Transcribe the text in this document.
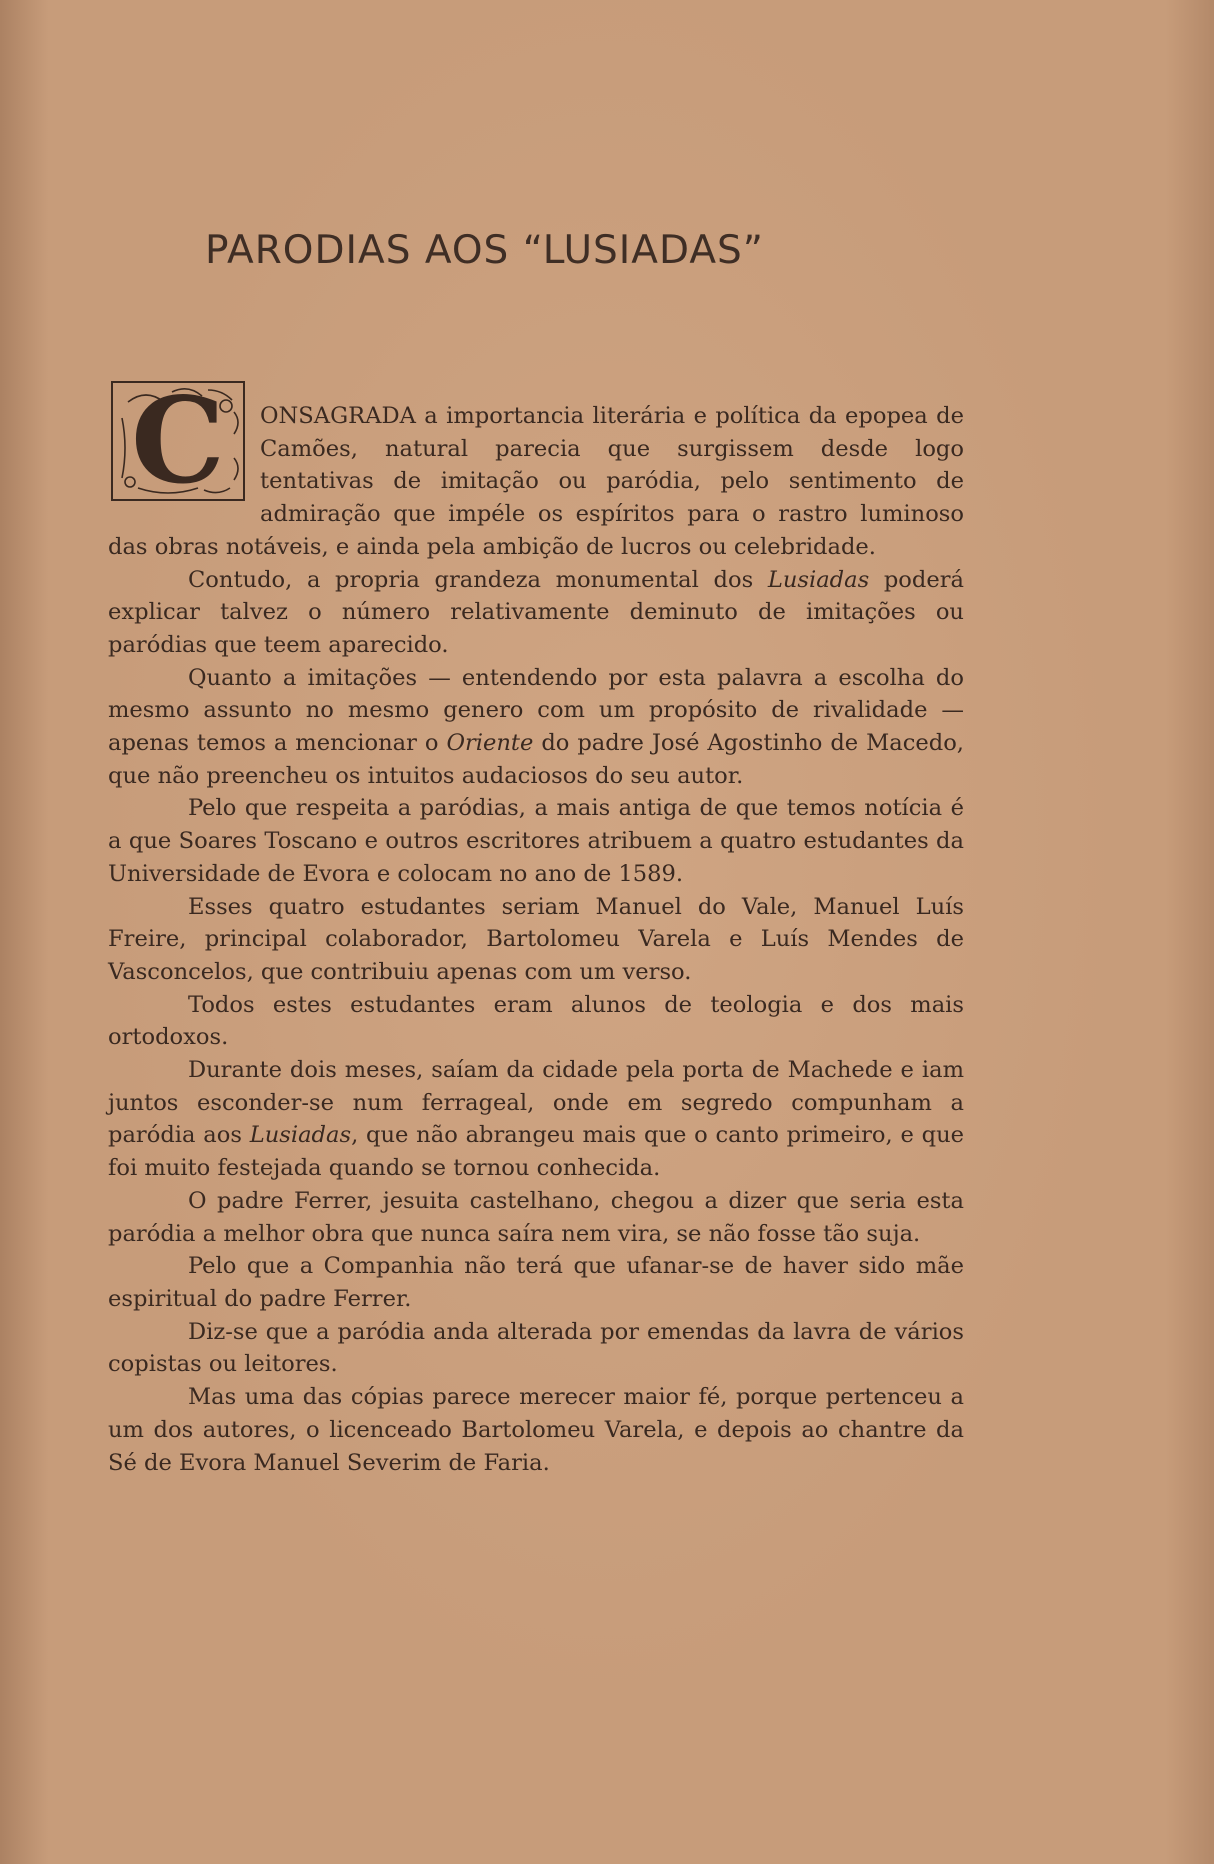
PARODIAS AOS “LUSIADAS”

C ONSAGRADA a importancia literária e política da epopea de Camões, natural parecia que surgissem desde logo tentativas de imitação ou paródia, pelo sentimento de admiração que impéle os espíritos para o rastro luminoso das obras notáveis, e ainda pela ambição de lucros ou celebridade.

Contudo, a propria grandeza monumental dos Lusiadas poderá explicar talvez o número relativamente deminuto de imitações ou paródias que teem aparecido.

Quanto a imitações — entendendo por esta palavra a escolha do mesmo assunto no mesmo genero com um propósito de rivalidade — apenas temos a mencionar o Oriente do padre José Agostinho de Macedo, que não preencheu os intuitos audaciosos do seu autor.

Pelo que respeita a paródias, a mais antiga de que temos notícia é a que Soares Toscano e outros escritores atribuem a quatro estudantes da Universidade de Evora e colocam no ano de 1589.

Esses quatro estudantes seriam Manuel do Vale, Manuel Luís Freire, principal colaborador, Bartolomeu Varela e Luís Mendes de Vasconcelos, que contribuiu apenas com um verso.

Todos estes estudantes eram alunos de teologia e dos mais ortodoxos.

Durante dois meses, saíam da cidade pela porta de Machede e iam juntos esconder-se num ferrageal, onde em segredo compunham a paródia aos Lusiadas, que não abrangeu mais que o canto primeiro, e que foi muito festejada quando se tornou conhecida.

O padre Ferrer, jesuita castelhano, chegou a dizer que seria esta paródia a melhor obra que nunca saíra nem vira, se não fosse tão suja.

Pelo que a Companhia não terá que ufanar-se de haver sido mãe espiritual do padre Ferrer.

Diz-se que a paródia anda alterada por emendas da lavra de vários copistas ou leitores.

Mas uma das cópias parece merecer maior fé, porque pertenceu a um dos autores, o licenceado Bartolomeu Varela, e depois ao chantre da Sé de Evora Manuel Severim de Faria.
